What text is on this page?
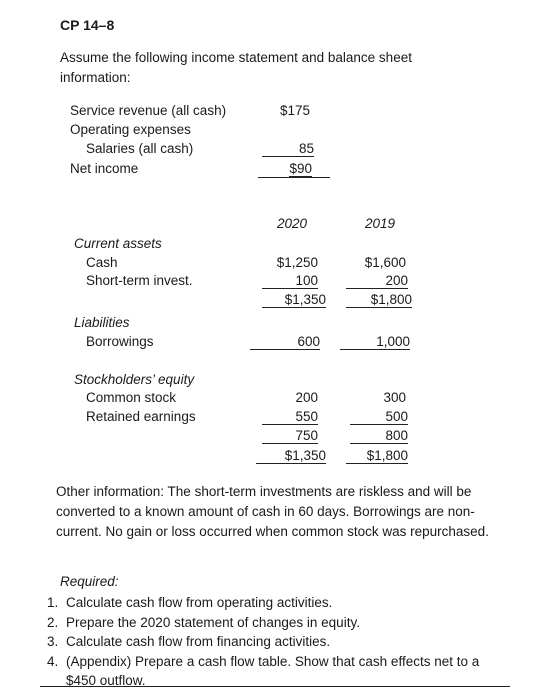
CP 14–8
Assume the following income statement and balance sheet information:
Service revenue (all cash)	$175
Operating expenses
Salaries (all cash)	85
Net income	$90
2020	2019
Current assets
Cash	$1,250	$1,600
Short-term invest.	100	200
$1,350	$1,800
Liabilities
Borrowings	600	1,000
Stockholders’ equity
Common stock	200	300
Retained earnings	550	500
750	800
$1,350	$1,800
Other information: The short-term investments are riskless and will be converted to a known amount of cash in 60 days. Borrowings are non-current. No gain or loss occurred when common stock was repurchased.
Required:
1. Calculate cash flow from operating activities.
2. Prepare the 2020 statement of changes in equity.
3. Calculate cash flow from financing activities.
4. (Appendix) Prepare a cash flow table. Show that cash effects net to a $450 outflow.
